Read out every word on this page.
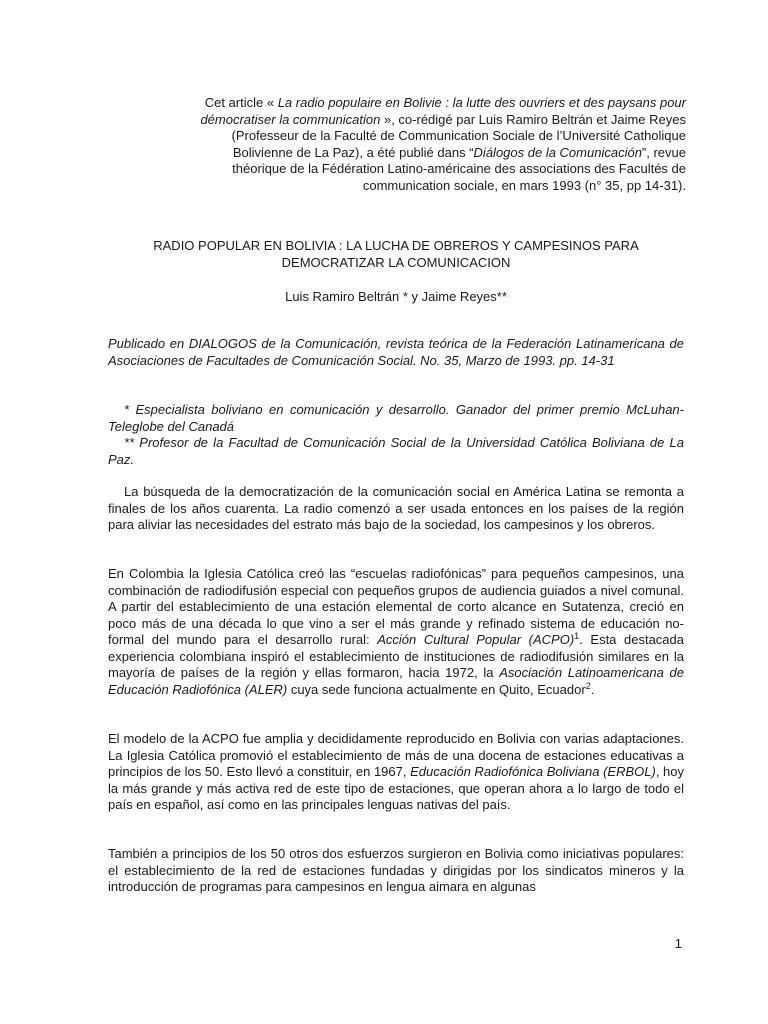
Cet article « La radio populaire en Bolivie : la lutte des ouvriers et des paysans pour démocratiser la communication », co-rédigé par Luis Ramiro Beltrán et Jaime Reyes (Professeur de la Faculté de Communication Sociale de l’Université Catholique Bolivienne de La Paz), a été publié dans “Diálogos de la Comunicación”, revue théorique de la Fédération Latino-américaine des associations des Facultés de communication sociale, en mars 1993 (n° 35, pp 14-31).

RADIO POPULAR EN BOLIVIA : LA LUCHA DE OBREROS Y CAMPESINOS PARA
DEMOCRATIZAR LA COMUNICACION
Luis Ramiro Beltrán * y Jaime Reyes**

Publicado en DIALOGOS de la Comunicación, revista teórica de la Federación Latinamericana de Asociaciones de Facultades de Comunicación Social. No. 35, Marzo de 1993. pp. 14-31

* Especialista boliviano en comunicación y desarrollo. Ganador del primer premio McLuhan-Teleglobe del Canadá

** Profesor de la Facultad de Comunicación Social de la Universidad Católica Boliviana de La Paz.

La búsqueda de la democratización de la comunicación social en América Latina se remonta a finales de los años cuarenta. La radio comenzó a ser usada entonces en los países de la región para aliviar las necesidades del estrato más bajo de la sociedad, los campesinos y los obreros.

En Colombia la Iglesia Católica creó las “escuelas radiofónicas” para pequeños campesinos, una combinación de radiodifusión especial con pequeños grupos de audiencia guiados a nivel comunal. A partir del establecimiento de una estación elemental de corto alcance en Sutatenza, creció en poco más de una década lo que vino a ser el más grande y refinado sistema de educación no-formal del mundo para el desarrollo rural: Acción Cultural Popular (ACPO)$^1$. Esta destacada experiencia colombiana inspiró el establecimiento de instituciones de radiodifusión similares en la mayoría de países de la región y ellas formaron, hacia 1972, la Asociación Latinoamericana de Educación Radiofónica (ALER) cuya sede funciona actualmente en Quito, Ecuador$^2$.

El modelo de la ACPO fue amplia y decididamente reproducido en Bolivia con varias adaptaciones. La Iglesia Católica promovió el establecimiento de más de una docena de estaciones educativas a principios de los 50. Esto llevó a constituir, en 1967, Educación Radiofónica Boliviana (ERBOL), hoy la más grande y más activa red de este tipo de estaciones, que operan ahora a lo largo de todo el país en español, así como en las principales lenguas nativas del país.

También a principios de los 50 otros dos esfuerzos surgieron en Bolivia como iniciativas populares: el establecimiento de la red de estaciones fundadas y dirigidas por los sindicatos mineros y la introducción de programas para campesinos en lengua aimara en algunas

1
